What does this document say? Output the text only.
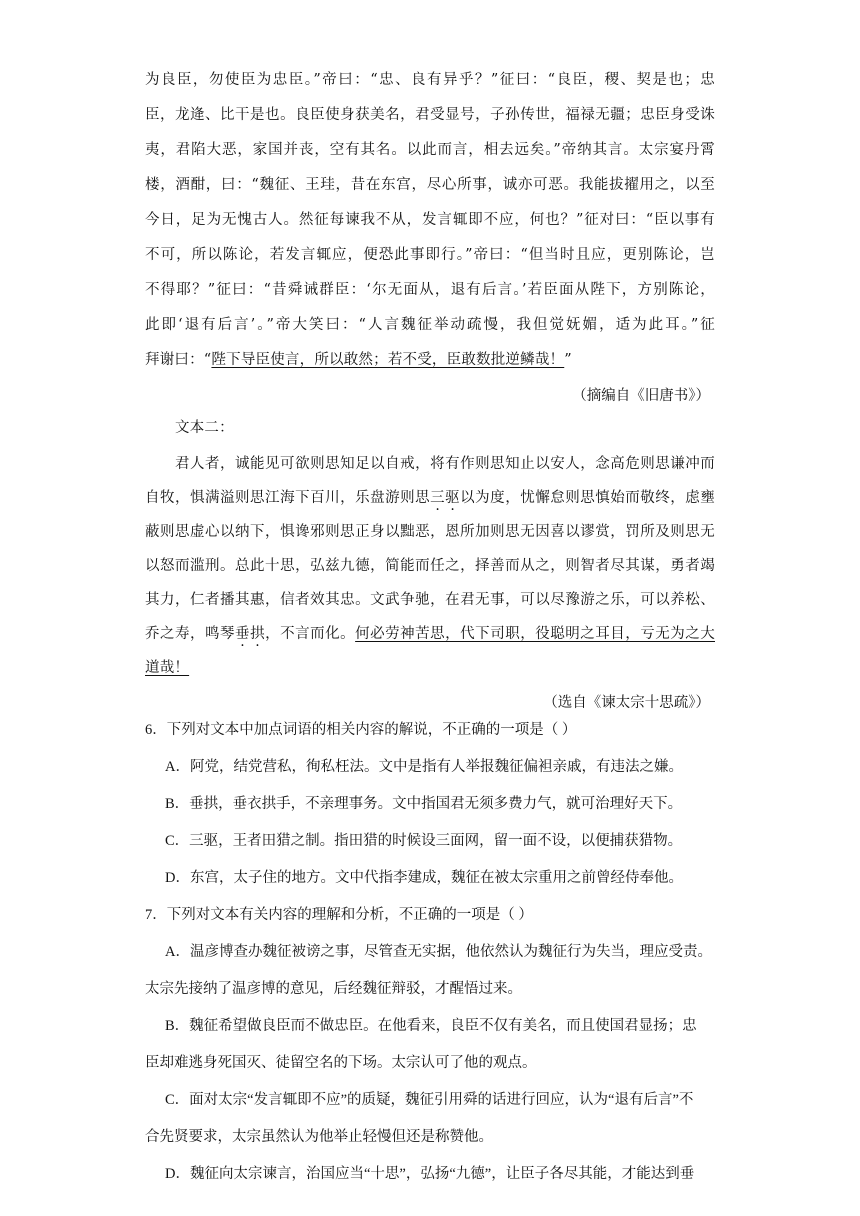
为良臣，勿使臣为忠臣。”帝曰：“忠、良有异乎？”征曰：“良臣，稷、契是也；忠
臣，龙逄、比干是也。良臣使身获美名，君受显号，子孙传世，福禄无疆；忠臣身受诛
夷，君陷大恶，家国并丧，空有其名。以此而言，相去远矣。”帝纳其言。太宗宴丹霄
楼，酒酣，曰：“魏征、王珪，昔在东宫，尽心所事，诚亦可恶。我能拔擢用之，以至
今日，足为无愧古人。然征每谏我不从，发言辄即不应，何也？”征对曰：“臣以事有
不可，所以陈论，若发言辄应，便恐此事即行。”帝曰：“但当时且应，更别陈论，岂
不得耶？”征曰：“昔舜诫群臣：‘尔无面从，退有后言。’若臣面从陛下，方别陈论，
此即‘退有后言’。”帝大笑曰：“人言魏征举动疏慢，我但觉妩媚，适为此耳。”征
拜谢曰：“陛下导臣使言，所以敢然；若不受，臣敢数批逆鳞哉！”
（摘编自《旧唐书》）
文本二：
君人者，诚能见可欲则思知足以自戒，将有作则思知止以安人，念高危则思谦冲而
自牧，惧满溢则思江海下百川，乐盘游则思三驱以为度，忧懈怠则思慎始而敬终，虑壅
蔽则思虚心以纳下，惧谗邪则思正身以黜恶，恩所加则思无因喜以谬赏，罚所及则思无
以怒而滥刑。总此十思，弘兹九德，简能而任之，择善而从之，则智者尽其谋，勇者竭
其力，仁者播其惠，信者效其忠。文武争驰，在君无事，可以尽豫游之乐，可以养松、
乔之寿，鸣琴垂拱，不言而化。何必劳神苦思，代下司职，役聪明之耳目，亏无为之大
道哉！
（选自《谏太宗十思疏》）
6．下列对文本中加点词语的相关内容的解说，不正确的一项是（ ）
A．阿党，结党营私，徇私枉法。文中是指有人举报魏征偏袒亲戚，有违法之嫌。
B．垂拱，垂衣拱手，不亲理事务。文中指国君无须多费力气，就可治理好天下。
C．三驱，王者田猎之制。指田猎的时候设三面网，留一面不设，以便捕获猎物。
D．东宫，太子住的地方。文中代指李建成，魏征在被太宗重用之前曾经侍奉他。
7．下列对文本有关内容的理解和分析，不正确的一项是（ ）
A．温彦博查办魏征被谤之事，尽管查无实据，他依然认为魏征行为失当，理应受责。
太宗先接纳了温彦博的意见，后经魏征辩驳，才醒悟过来。
B．魏征希望做良臣而不做忠臣。在他看来，良臣不仅有美名，而且使国君显扬；忠
臣却难逃身死国灭、徒留空名的下场。太宗认可了他的观点。
C．面对太宗“发言辄即不应”的质疑，魏征引用舜的话进行回应，认为“退有后言”不
合先贤要求，太宗虽然认为他举止轻慢但还是称赞他。
D．魏征向太宗谏言，治国应当“十思”，弘扬“九德”，让臣子各尽其能，才能达到垂
